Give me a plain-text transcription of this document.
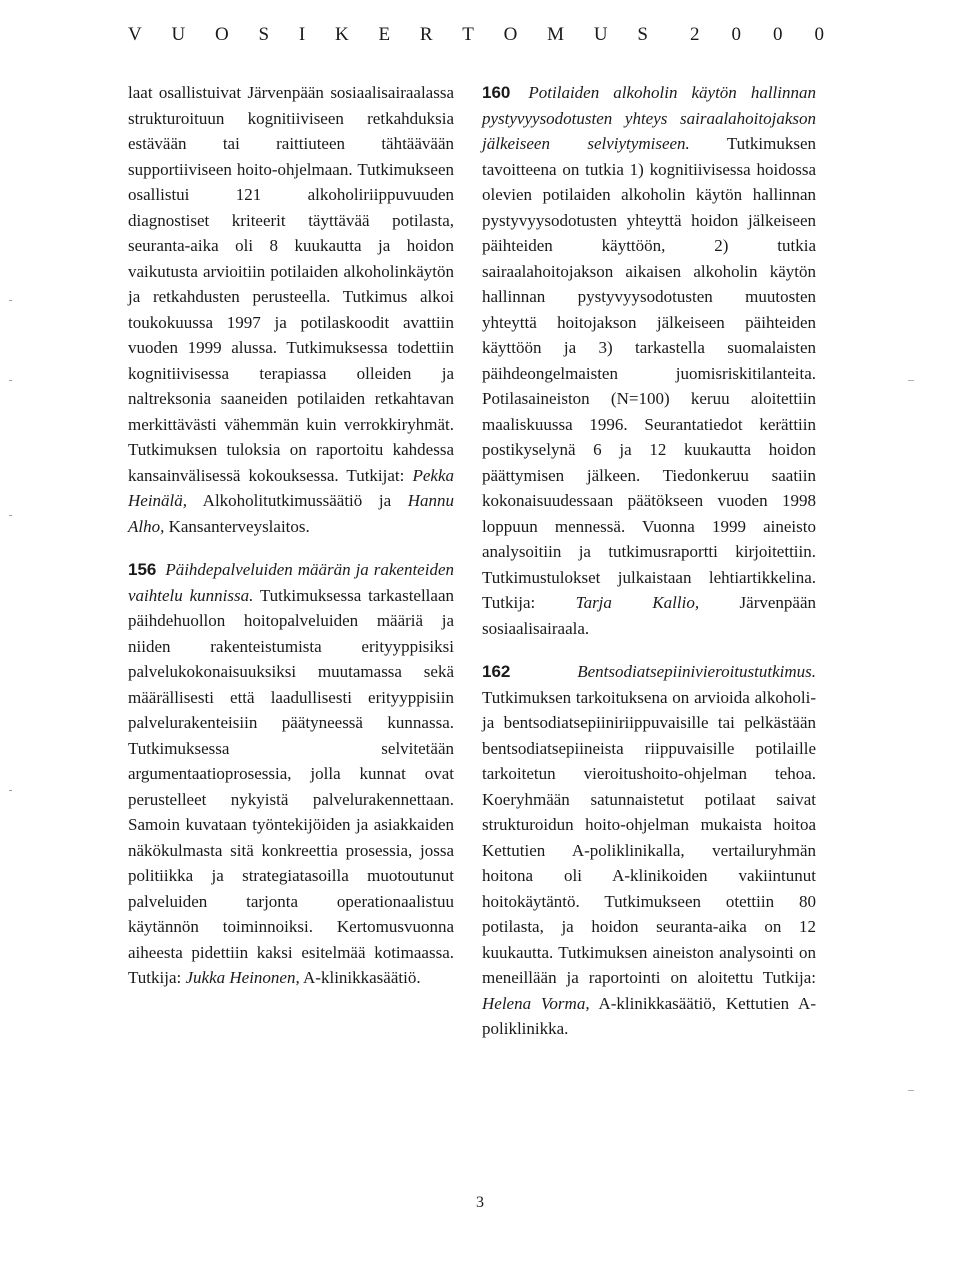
V U O S I K E R T O M U S 2 0 0 0

laat osallistuivat Järvenpään sosiaalisairaalassa strukturoituun kognitiiviseen retkahduksia estävään tai raittiuteen tähtäävään supportiiviseen hoito-ohjelmaan. Tutkimukseen osallistui 121 alkoholiriippuvuuden diagnostiset kriteerit täyttävää potilasta, seuranta-aika oli 8 kuukautta ja hoidon vaikutusta arvioitiin potilaiden alkoholinkäytön ja retkahdusten perusteella. Tutkimus alkoi toukokuussa 1997 ja potilaskoodit avattiin vuoden 1999 alussa. Tutkimuksessa todettiin kognitiivisessa terapiassa olleiden ja naltreksonia saaneiden potilaiden retkahtavan merkittävästi vähemmän kuin verrokkiryhmät. Tutkimuksen tuloksia on raportoitu kahdessa kansainvälisessä kokouksessa. Tutkijat: Pekka Heinälä, Alkoholitutkimussäätiö ja Hannu Alho, Kansanterveyslaitos.

156 Päihdepalveluiden määrän ja rakenteiden vaihtelu kunnissa. Tutkimuksessa tarkastellaan päihdehuollon hoitopalveluiden määriä ja niiden rakenteistumista erityyppisiksi palvelukokonaisuuksiksi muutamassa sekä määrällisesti että laadullisesti erityyppisiin palvelurakenteisiin päätyneessä kunnassa. Tutkimuksessa selvitetään argumentaatioprosessia, jolla kunnat ovat perustelleet nykyistä palvelurakennettaan. Samoin kuvataan työntekijöiden ja asiakkaiden näkökulmasta sitä konkreettia prosessia, jossa politiikka ja strategiatasoilla muotoutunut palveluiden tarjonta operationaalistuu käytännön toiminnoiksi. Kertomusvuonna aiheesta pidettiin kaksi esitelmää kotimaassa. Tutkija: Jukka Heinonen, A-klinikkasäätiö.

160 Potilaiden alkoholin käytön hallinnan pystyvyysodotusten yhteys sairaalahoitojakson jälkeiseen selviytymiseen. Tutkimuksen tavoitteena on tutkia 1) kognitiivisessa hoidossa olevien potilaiden alkoholin käytön hallinnan pystyvyysodotusten yhteyttä hoidon jälkeiseen päihteiden käyttöön, 2) tutkia sairaalahoitojakson aikaisen alkoholin käytön hallinnan pystyvyysodotusten muutosten yhteyttä hoitojakson jälkeiseen päihteiden käyttöön ja 3) tarkastella suomalaisten päihdeongelmaisten juomisriskitilanteita. Potilasaineiston (N=100) keruu aloitettiin maaliskuussa 1996. Seurantatiedot kerättiin postikyselynä 6 ja 12 kuukautta hoidon päättymisen jälkeen. Tiedonkeruu saatiin kokonaisuudessaan päätökseen vuoden 1998 loppuun mennessä. Vuonna 1999 aineisto analysoitiin ja tutkimusraportti kirjoitettiin. Tutkimustulokset julkaistaan lehtiartikkelina. Tutkija: Tarja Kallio, Järvenpään sosiaalisairaala.

162	Bentsodiatsepiinivieroitustutkimus. Tutkimuksen tarkoituksena on arvioida alkoholi- ja bentsodiatsepiiniriippuvaisille tai pelkästään bentsodiatsepiineista riippuvaisille potilaille tarkoitetun vieroitushoito-ohjelman tehoa. Koeryhmään satunnaistetut potilaat saivat strukturoidun hoito-ohjelman mukaista hoitoa Kettutien A-poliklinikalla, vertailuryhmän hoitona oli A-klinikoiden vakiintunut hoitokäytäntö. Tutkimukseen otettiin 80 potilasta, ja hoidon seuranta-aika on 12 kuukautta. Tutkimuksen aineiston analysointi on meneillään ja raportointi on aloitettu Tutkija: Helena Vorma, A-klinikkasäätiö, Kettutien A-poliklinikka.

3
